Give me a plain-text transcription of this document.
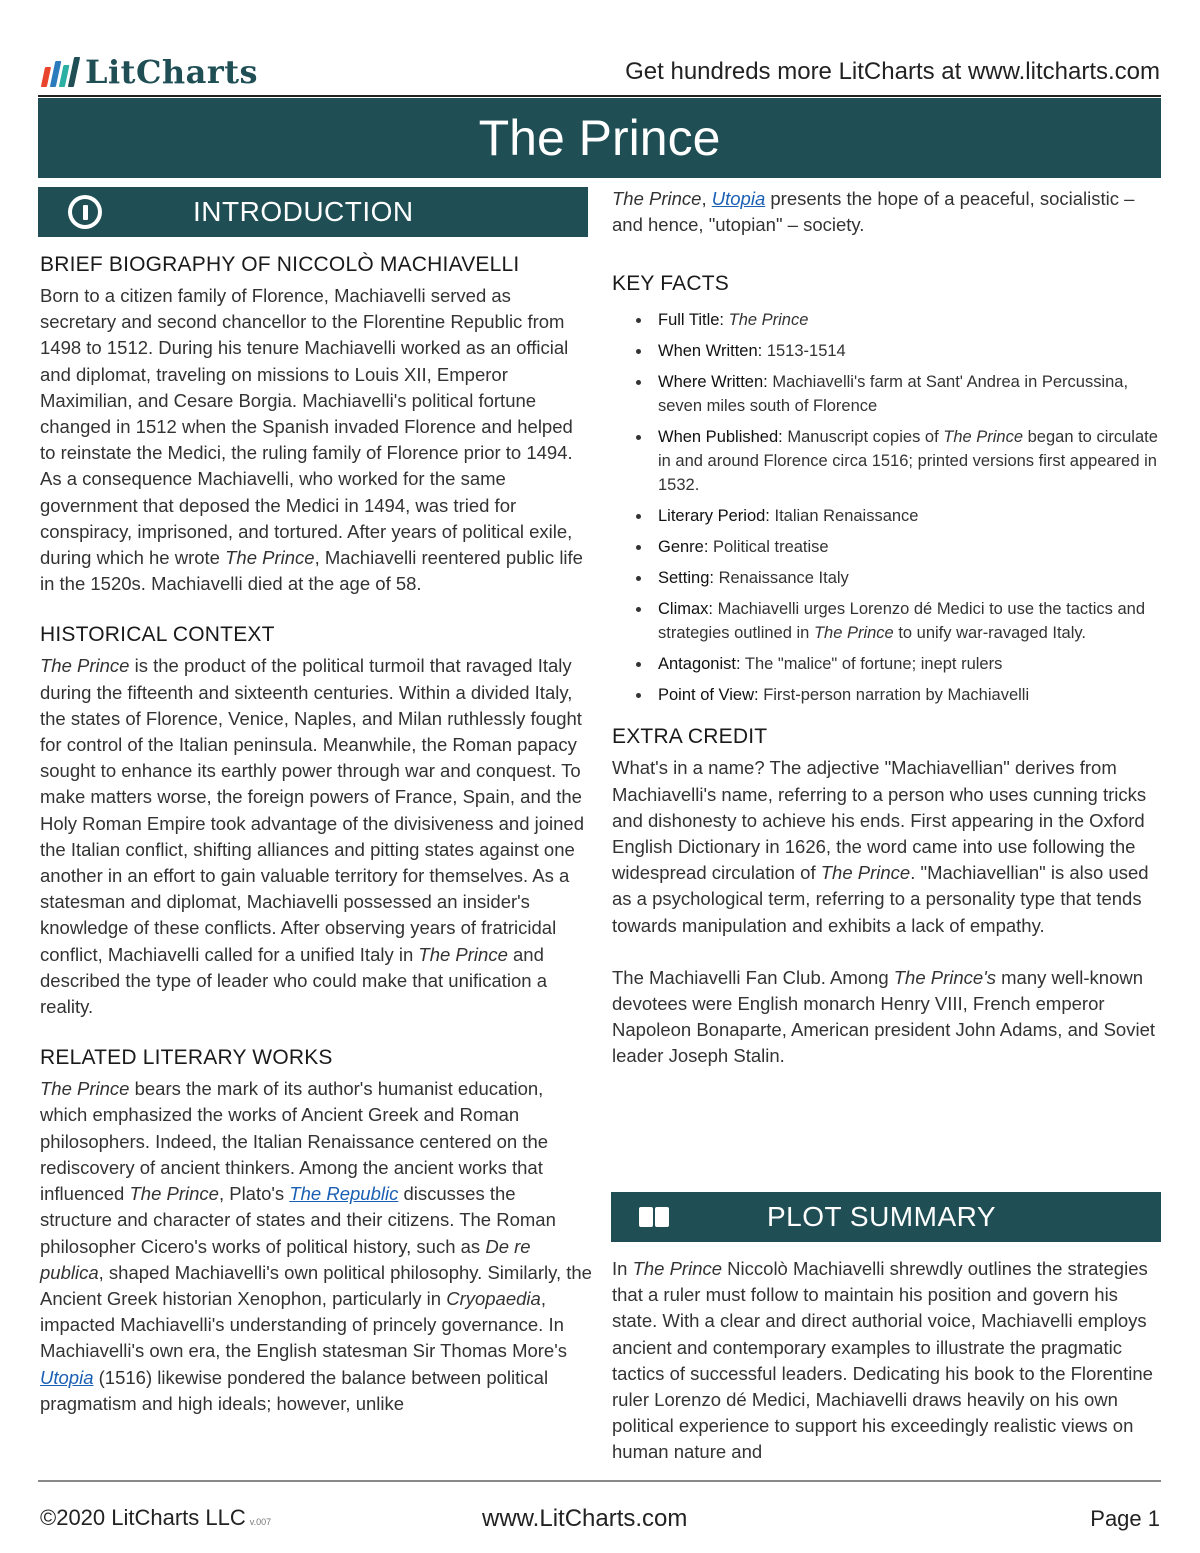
LitCharts	Get hundreds more LitCharts at www.litcharts.com
The Prince
INTRODUCTION
BRIEF BIOGRAPHY OF NICCOLÒ MACHIAVELLI

Born to a citizen family of Florence, Machiavelli served as secretary and second chancellor to the Florentine Republic from 1498 to 1512. During his tenure Machiavelli worked as an official and diplomat, traveling on missions to Louis XII, Emperor Maximilian, and Cesare Borgia. Machiavelli's political fortune changed in 1512 when the Spanish invaded Florence and helped to reinstate the Medici, the ruling family of Florence prior to 1494. As a consequence Machiavelli, who worked for the same government that deposed the Medici in 1494, was tried for conspiracy, imprisoned, and tortured. After years of political exile, during which he wrote The Prince, Machiavelli reentered public life in the 1520s. Machiavelli died at the age of 58.

HISTORICAL CONTEXT

The Prince is the product of the political turmoil that ravaged Italy during the fifteenth and sixteenth centuries. Within a divided Italy, the states of Florence, Venice, Naples, and Milan ruthlessly fought for control of the Italian peninsula. Meanwhile, the Roman papacy sought to enhance its earthly power through war and conquest. To make matters worse, the foreign powers of France, Spain, and the Holy Roman Empire took advantage of the divisiveness and joined the Italian conflict, shifting alliances and pitting states against one another in an effort to gain valuable territory for themselves. As a statesman and diplomat, Machiavelli possessed an insider's knowledge of these conflicts. After observing years of fratricidal conflict, Machiavelli called for a unified Italy in The Prince and described the type of leader who could make that unification a reality.

RELATED LITERARY WORKS

The Prince bears the mark of its author's humanist education, which emphasized the works of Ancient Greek and Roman philosophers. Indeed, the Italian Renaissance centered on the rediscovery of ancient thinkers. Among the ancient works that influenced The Prince, Plato's The Republic discusses the structure and character of states and their citizens. The Roman philosopher Cicero's works of political history, such as De re publica, shaped Machiavelli's own political philosophy. Similarly, the Ancient Greek historian Xenophon, particularly in Cryopaedia, impacted Machiavelli's understanding of princely governance. In Machiavelli's own era, the English statesman Sir Thomas More's Utopia (1516) likewise pondered the balance between political pragmatism and high ideals; however, unlike

The Prince, Utopia presents the hope of a peaceful, socialistic – and hence, "utopian" – society.

KEY FACTS
Full Title: The Prince
When Written: 1513-1514
Where Written: Machiavelli's farm at Sant' Andrea in Percussina, seven miles south of Florence
When Published: Manuscript copies of The Prince began to circulate in and around Florence circa 1516; printed versions first appeared in 1532.
Literary Period: Italian Renaissance
Genre: Political treatise
Setting: Renaissance Italy
Climax: Machiavelli urges Lorenzo dé Medici to use the tactics and strategies outlined in The Prince to unify war-ravaged Italy.
Antagonist: The "malice" of fortune; inept rulers
Point of View: First-person narration by Machiavelli
EXTRA CREDIT

What's in a name? The adjective "Machiavellian" derives from Machiavelli's name, referring to a person who uses cunning tricks and dishonesty to achieve his ends. First appearing in the Oxford English Dictionary in 1626, the word came into use following the widespread circulation of The Prince. "Machiavellian" is also used as a psychological term, referring to a personality type that tends towards manipulation and exhibits a lack of empathy.

The Machiavelli Fan Club. Among The Prince's many well-known devotees were English monarch Henry VIII, French emperor Napoleon Bonaparte, American president John Adams, and Soviet leader Joseph Stalin.

PLOT SUMMARY

In The Prince Niccolò Machiavelli shrewdly outlines the strategies that a ruler must follow to maintain his position and govern his state. With a clear and direct authorial voice, Machiavelli employs ancient and contemporary examples to illustrate the pragmatic tactics of successful leaders. Dedicating his book to the Florentine ruler Lorenzo dé Medici, Machiavelli draws heavily on his own political experience to support his exceedingly realistic views on human nature and

©2020 LitCharts LLC v.007	www.LitCharts.com	Page 1
